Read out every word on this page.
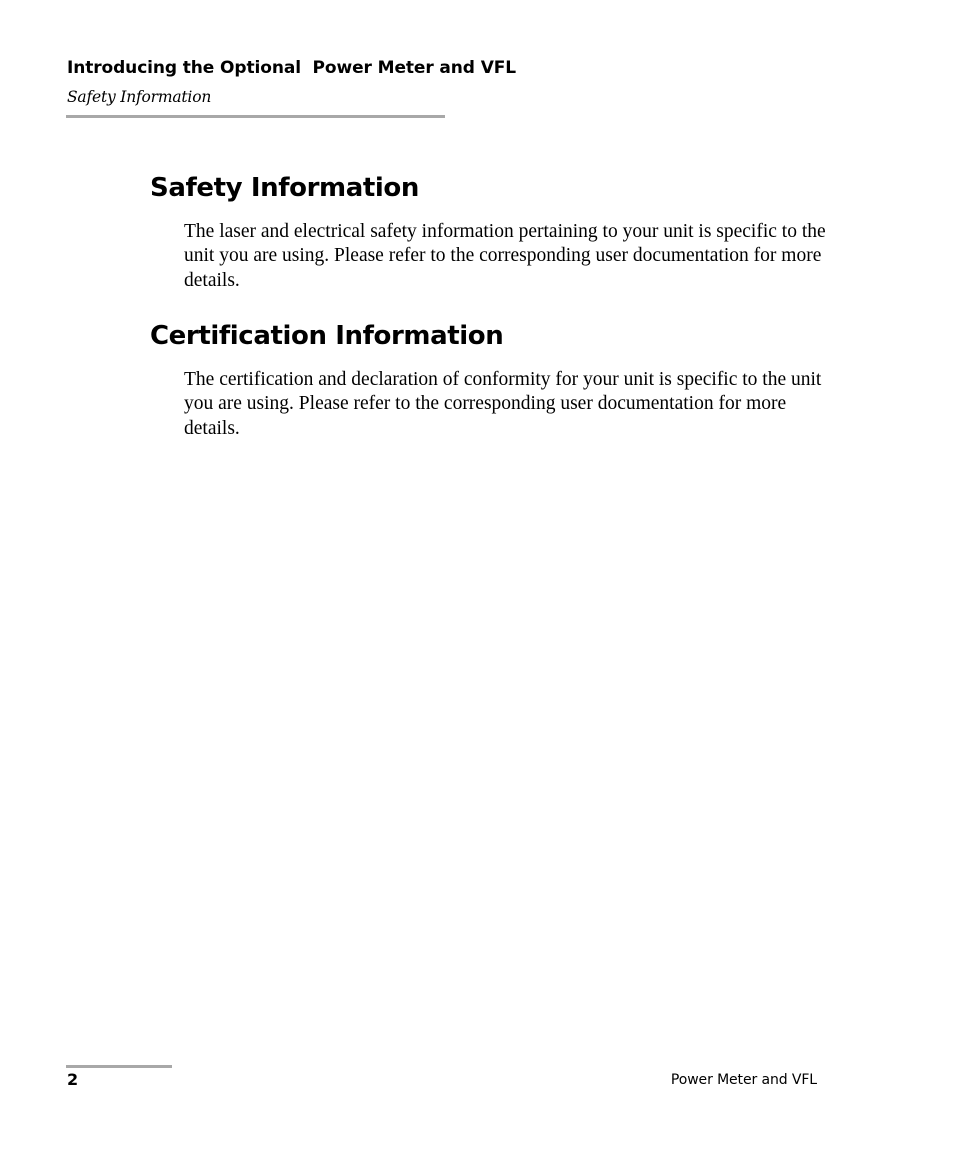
Introducing the Optional  Power Meter and VFL
Safety Information
Safety Information

The laser and electrical safety information pertaining to your unit is specific to the unit you are using. Please refer to the corresponding user documentation for more details.

Certification Information

The certification and declaration of conformity for your unit is specific to the unit you are using. Please refer to the corresponding user documentation for more details.

2	Power Meter and VFL
